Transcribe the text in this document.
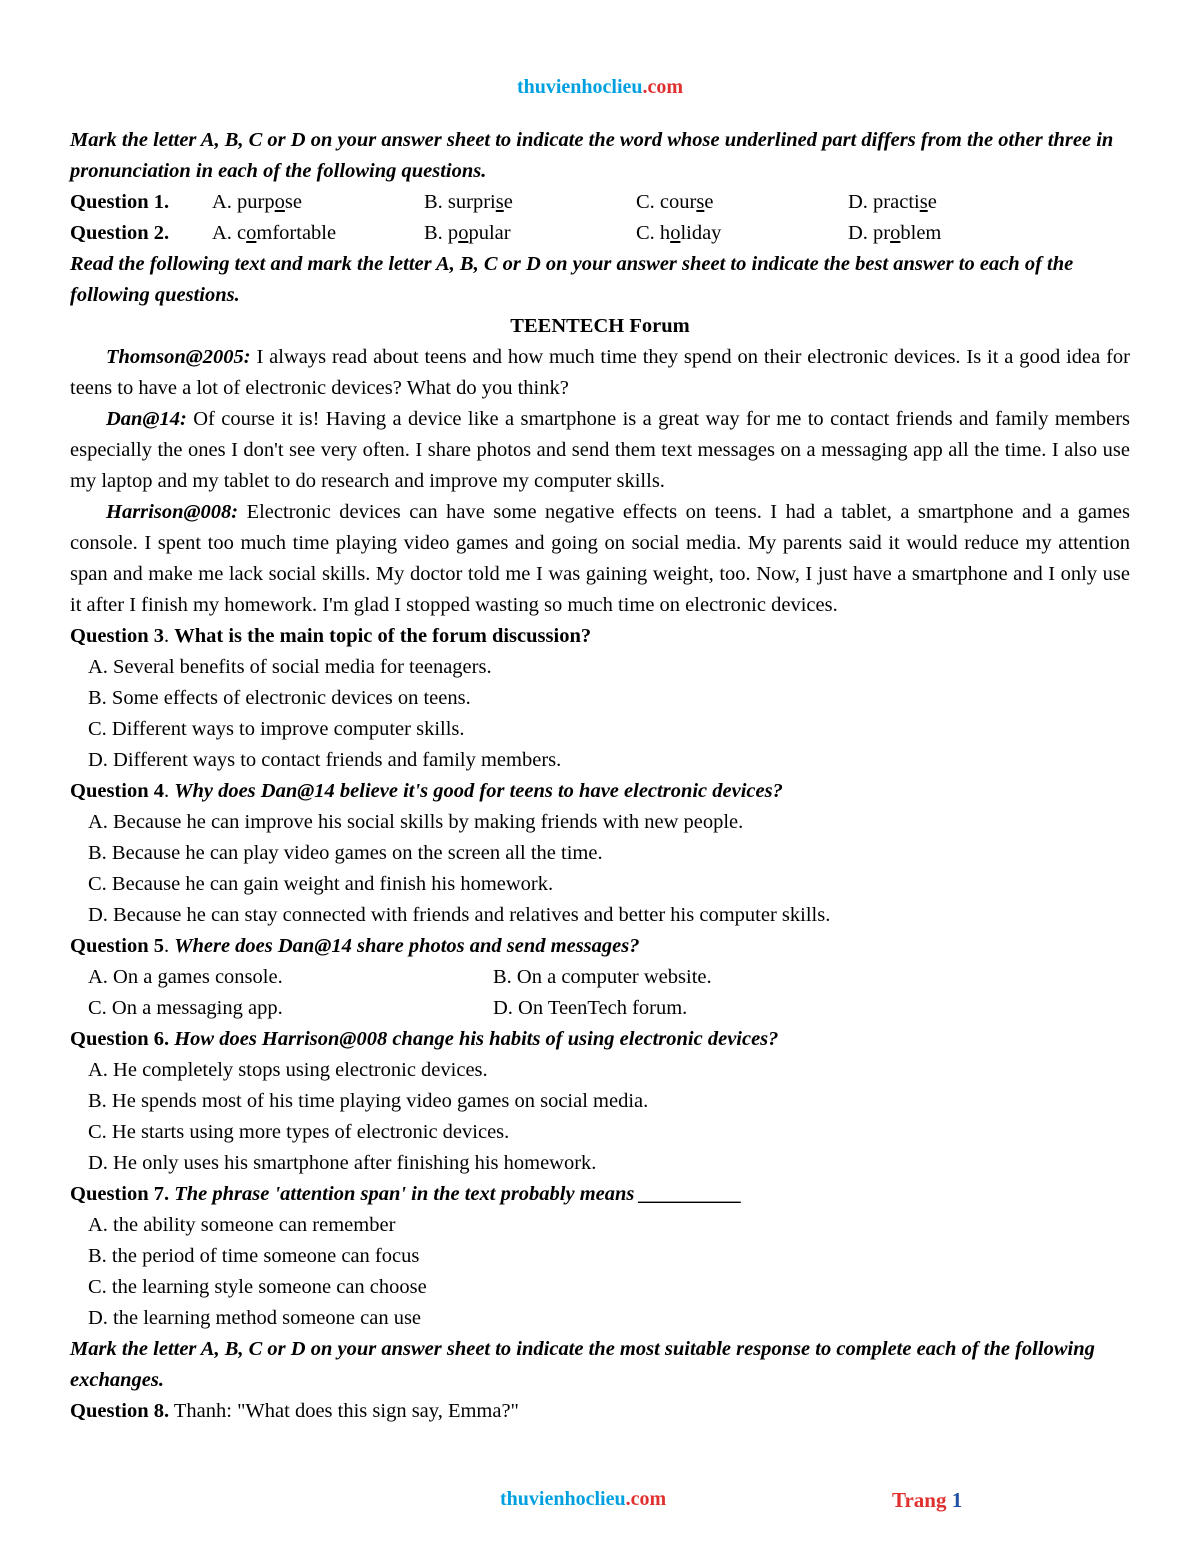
thuvienhoclieu.com

Mark the letter A, B, C or D on your answer sheet to indicate the word whose underlined part differs from the other three in pronunciation in each of the following questions.

Question 1.	A. purpose	B. surprise	C. course	D. practise
Question 2.	A. comfortable	B. popular	C. holiday	D. problem

Read the following text and mark the letter A, B, C or D on your answer sheet to indicate the best answer to each of the following questions.

TEENTECH Forum

Thomson@2005: I always read about teens and how much time they spend on their electronic devices. Is it a good idea for teens to have a lot of electronic devices? What do you think?

Dan@14: Of course it is! Having a device like a smartphone is a great way for me to contact friends and family members especially the ones I don't see very often. I share photos and send them text messages on a messaging app all the time. I also use my laptop and my tablet to do research and improve my computer skills.

Harrison@008: Electronic devices can have some negative effects on teens. I had a tablet, a smartphone and a games console. I spent too much time playing video games and going on social media. My parents said it would reduce my attention span and make me lack social skills. My doctor told me I was gaining weight, too. Now, I just have a smartphone and I only use it after I finish my homework. I'm glad I stopped wasting so much time on electronic devices.

Question 3. What is the main topic of the forum discussion?

A. Several benefits of social media for teenagers.

B. Some effects of electronic devices on teens.

C. Different ways to improve computer skills.

D. Different ways to contact friends and family members.

Question 4. Why does Dan@14 believe it's good for teens to have electronic devices?

A. Because he can improve his social skills by making friends with new people.

B. Because he can play video games on the screen all the time.

C. Because he can gain weight and finish his homework.

D. Because he can stay connected with friends and relatives and better his computer skills.

Question 5. Where does Dan@14 share photos and send messages?

A. On a games console.	B. On a computer website.
C. On a messaging app.	D. On TeenTech forum.

Question 6. How does Harrison@008 change his habits of using electronic devices?

A. He completely stops using electronic devices.

B. He spends most of his time playing video games on social media.

C. He starts using more types of electronic devices.

D. He only uses his smartphone after finishing his homework.

Question 7. The phrase 'attention span' in the text probably means __________

A. the ability someone can remember

B. the period of time someone can focus

C. the learning style someone can choose

D. the learning method someone can use

Mark the letter A, B, C or D on your answer sheet to indicate the most suitable response to complete each of the following exchanges.

Question 8. Thanh: "What does this sign say, Emma?"

thuvienhoclieu.com	Trang 1
